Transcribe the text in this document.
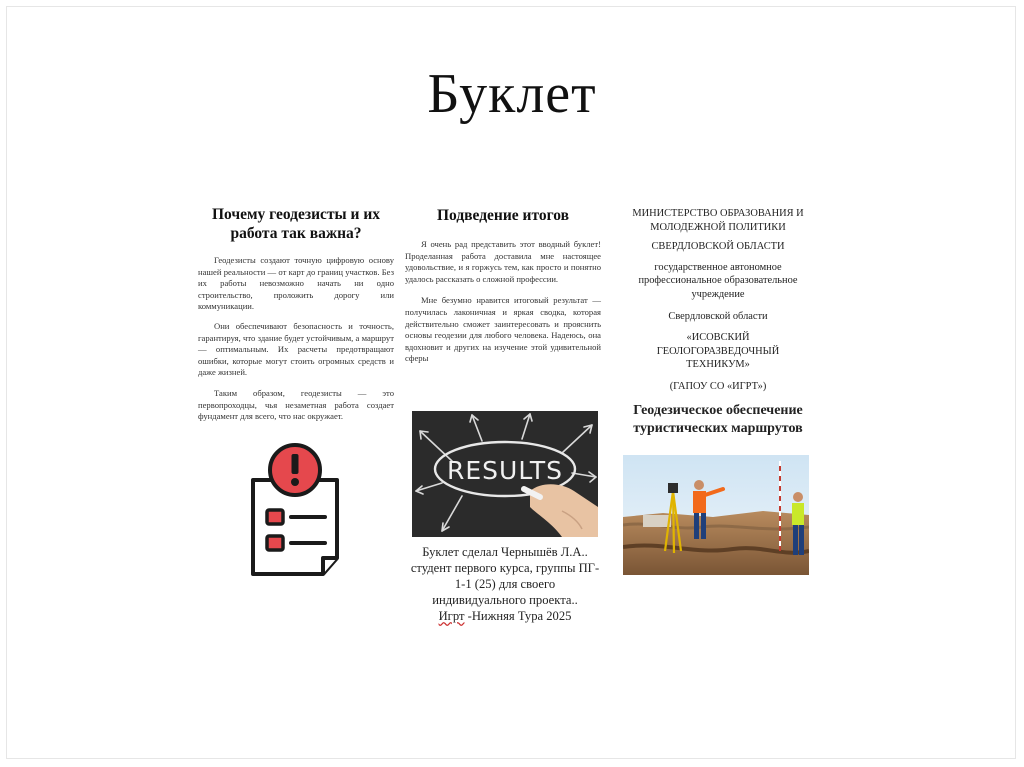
Буклет
Почему геодезисты и их работа так важна?

Геодезисты создают точную цифровую основу нашей реальности — от карт до границ участков. Без их работы невозможно начать ни одно строительство, проложить дорогу или коммуникации.

Они обеспечивают безопасность и точность, гарантируя, что здание будет устойчивым, а маршрут — оптимальным. Их расчеты предотвращают ошибки, которые могут стоить огромных средств и даже жизней.

Таким образом, геодезисты — это первопроходцы, чья незаметная работа создает фундамент для всего, что нас окружает.

Подведение итогов

Я очень рад представить этот вводный буклет! Проделанная работа доставила мне настоящее удовольствие, и я горжусь тем, как просто и понятно удалось рассказать о сложной профессии.

Мне безумно нравится итоговый результат — получилась лаконичная и яркая сводка, которая действительно сможет заинтересовать и прояснить основы геодезии для любого человека. Надеюсь, она вдохновит и других на изучение этой удивительной сферы

RESULTS
Буклет сделал Чернышёв Л.А..
студент первого курса, группы ПГ-
1-1 (25) для своего
индивидуального проекта..
Игрт -Нижняя Тура 2025

МИНИСТЕРСТВО ОБРАЗОВАНИЯ И

МОЛОДЕЖНОЙ ПОЛИТИКИ

СВЕРДЛОВСКОЙ ОБЛАСТИ

государственное автономное

профессиональное образовательное

учреждение

Свердловской области

«ИСОВСКИЙ

ГЕОЛОГОРАЗВЕДОЧНЫЙ

ТЕХНИКУМ»

(ГАПОУ СО «ИГРТ»)

Геодезическое обеспечение

туристических маршрутов
